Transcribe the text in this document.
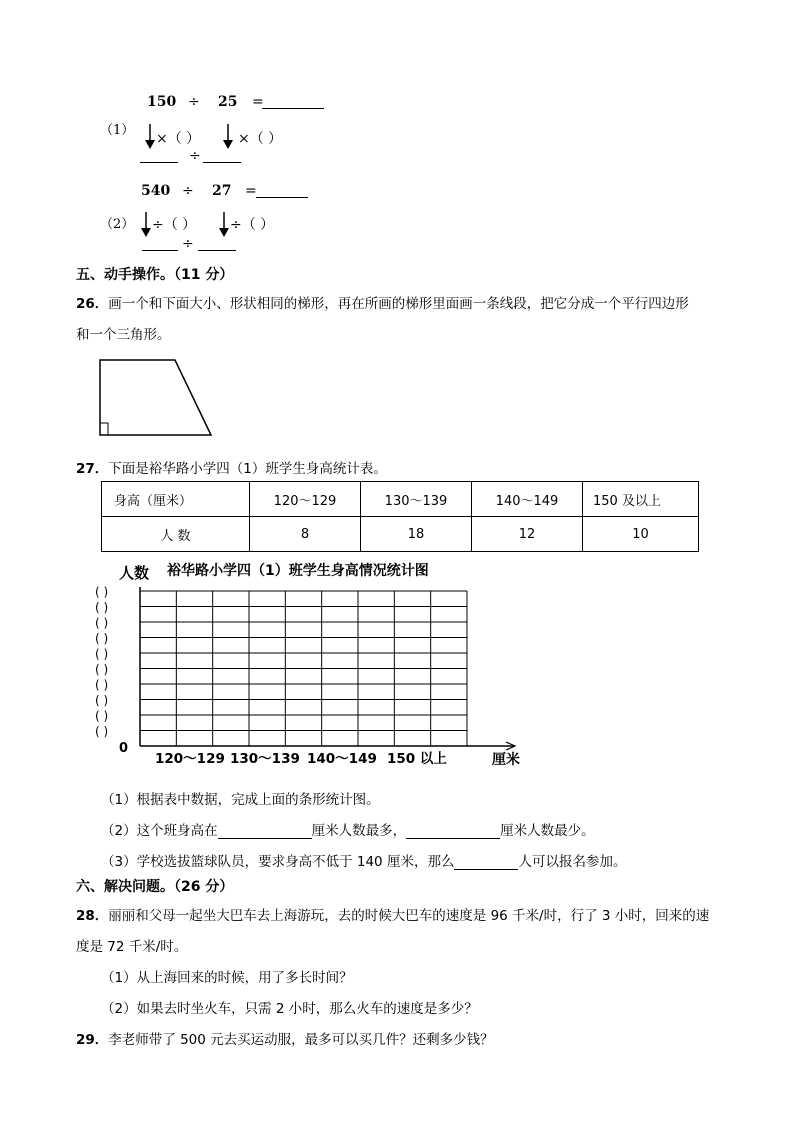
150 ÷ 25 =
（1）
×（ ）	×（ ）
÷
540 ÷ 27 =
（2） ÷（ ） ÷（ ）
÷
五、动手操作。（11 分）
26．画一个和下面大小、形状相同的梯形，再在所画的梯形里面画一条线段，把它分成一个平行四边形
和一个三角形。
27．下面是裕华路小学四（1）班学生身高统计表。
身高（厘米）	120～129	130～139	140～149	150 及以上
人 数	8	18	12	10
人数 裕华路小学四（1）班学生身高情况统计图
( )
( )
( )
( )
( )
( )
( )
( )
( )
( )
120～129 130～139 140～149 150 以上
0
厘米
（1）根据表中数据，完成上面的条形统计图。
（2）这个班身高在	厘米人数最多，	厘米人数最少。
（3）学校选拔篮球队员，要求身高不低于 140 厘米，那么	人可以报名参加。
六、解决问题。（26 分）
28．丽丽和父母一起坐大巴车去上海游玩，去的时候大巴车的速度是 96 千米/时，行了 3 小时，回来的速
度是 72 千米/时。
（1）从上海回来的时候，用了多长时间？
（2）如果去时坐火车，只需 2 小时，那么火车的速度是多少？
29．李老师带了 500 元去买运动服，最多可以买几件？还剩多少钱？
